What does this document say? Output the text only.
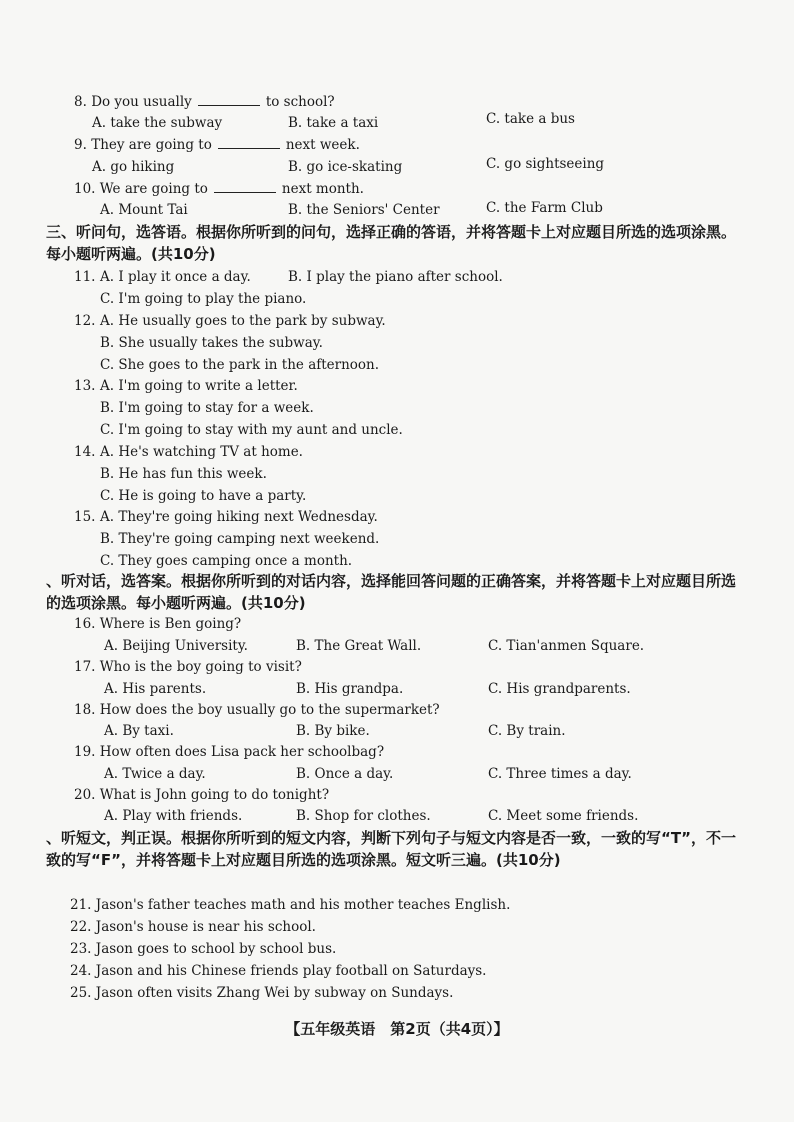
8. Do you usually	to school?
A. take the subway	B. take a taxi	C. take a bus
9. They are going to	next week.
A. go hiking	B. go ice-skating	C. go sightseeing
10. We are going to	next month.
A. Mount Tai	B. the Seniors' Center	C. the Farm Club
三、听问句，选答语。根据你所听到的问句，选择正确的答语，并将答题卡上对应题目所选的选项涂黑。每小题听两遍。(共10分)
11. A. I play it once a day.	B. I play the piano after school.
C. I'm going to play the piano.
12. A. He usually goes to the park by subway.
B. She usually takes the subway.
C. She goes to the park in the afternoon.
13. A. I'm going to write a letter.
B. I'm going to stay for a week.
C. I'm going to stay with my aunt and uncle.
14. A. He's watching TV at home.
B. He has fun this week.
C. He is going to have a party.
15. A. They're going hiking next Wednesday.
B. They're going camping next weekend.
C. They goes camping once a month.
、听对话，选答案。根据你所听到的对话内容，选择能回答问题的正确答案，并将答题卡上对应题目所选的选项涂黑。每小题听两遍。(共10分)
16. Where is Ben going?
A. Beijing University.	B. The Great Wall.	C. Tian'anmen Square.
17. Who is the boy going to visit?
A. His parents.	B. His grandpa.	C. His grandparents.
18. How does the boy usually go to the supermarket?
A. By taxi.	B. By bike.	C. By train.
19. How often does Lisa pack her schoolbag?
A. Twice a day.	B. Once a day.	C. Three times a day.
20. What is John going to do tonight?
A. Play with friends.	B. Shop for clothes.	C. Meet some friends.
、听短文，判正误。根据你所听到的短文内容，判断下列句子与短文内容是否一致，一致的写“T”，不一致的写“F”，并将答题卡上对应题目所选的选项涂黑。短文听三遍。(共10分)
21. Jason's father teaches math and his mother teaches English.
22. Jason's house is near his school.
23. Jason goes to school by school bus.
24. Jason and his Chinese friends play football on Saturdays.
25. Jason often visits Zhang Wei by subway on Sundays.
【五年级英语　第2页（共4页）】
